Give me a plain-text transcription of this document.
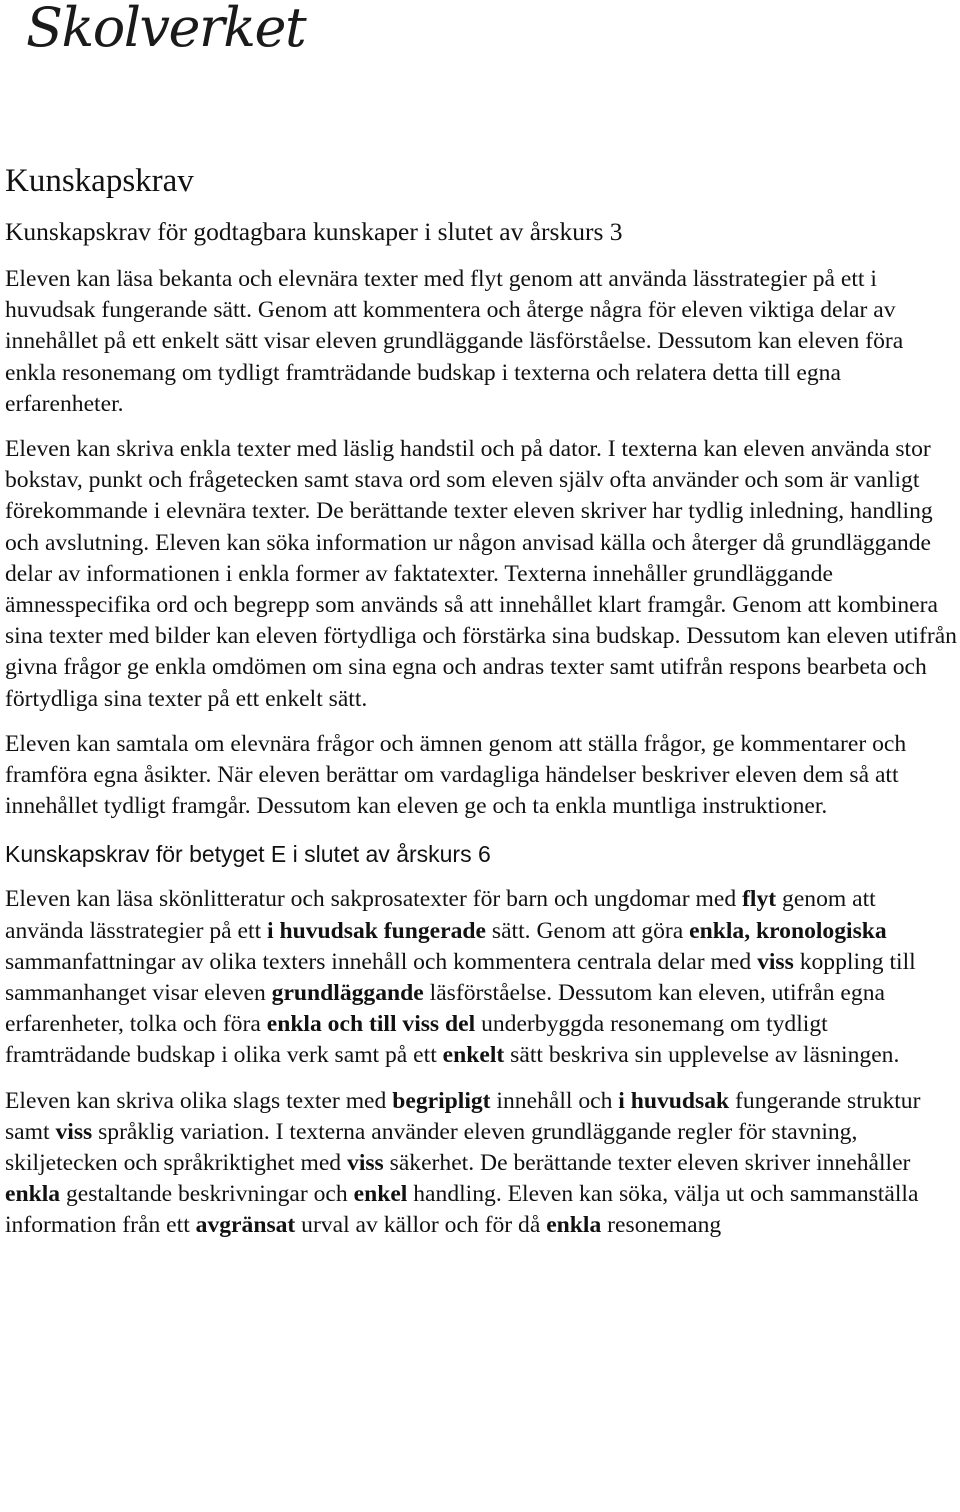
Skolverket
Kunskapskrav
Kunskapskrav för godtagbara kunskaper i slutet av årskurs 3

Eleven kan läsa bekanta och elevnära texter med flyt genom att använda lässtrategier på ett i huvudsak fungerande sätt. Genom att kommentera och återge några för eleven viktiga delar av innehållet på ett enkelt sätt visar eleven grundläggande läsförståelse. Dessutom kan eleven föra enkla resonemang om tydligt framträdande budskap i texterna och relatera detta till egna erfarenheter.

Eleven kan skriva enkla texter med läslig handstil och på dator. I texterna kan eleven använda stor bokstav, punkt och frågetecken samt stava ord som eleven själv ofta använder och som är vanligt förekommande i elevnära texter. De berättande texter eleven skriver har tydlig inledning, handling och avslutning. Eleven kan söka information ur någon anvisad källa och återger då grundläggande delar av informationen i enkla former av faktatexter. Texterna innehåller grundläggande ämnesspecifika ord och begrepp som används så att innehållet klart framgår. Genom att kombinera sina texter med bilder kan eleven förtydliga och förstärka sina budskap. Dessutom kan eleven utifrån givna frågor ge enkla omdömen om sina egna och andras texter samt utifrån respons bearbeta och förtydliga sina texter på ett enkelt sätt.

Eleven kan samtala om elevnära frågor och ämnen genom att ställa frågor, ge kommentarer och framföra egna åsikter. När eleven berättar om vardagliga händelser beskriver eleven dem så att innehållet tydligt framgår. Dessutom kan eleven ge och ta enkla muntliga instruktioner.

Kunskapskrav för betyget E i slutet av årskurs 6

Eleven kan läsa skönlitteratur och sakprosatexter för barn och ungdomar med flyt genom att använda lässtrategier på ett i huvudsak fungerade sätt. Genom att göra enkla, kronologiska sammanfattningar av olika texters innehåll och kommentera centrala delar med viss koppling till sammanhanget visar eleven grundläggande läsförståelse. Dessutom kan eleven, utifrån egna erfarenheter, tolka och föra enkla och till viss del underbyggda resonemang om tydligt framträdande budskap i olika verk samt på ett enkelt sätt beskriva sin upplevelse av läsningen.

Eleven kan skriva olika slags texter med begripligt innehåll och i huvudsak fungerande struktur samt viss språklig variation. I texterna använder eleven grundläggande regler för stavning, skiljetecken och språkriktighet med viss säkerhet. De berättande texter eleven skriver innehåller enkla gestaltande beskrivningar och enkel handling. Eleven kan söka, välja ut och sammanställa information från ett avgränsat urval av källor och för då enkla resonemang
